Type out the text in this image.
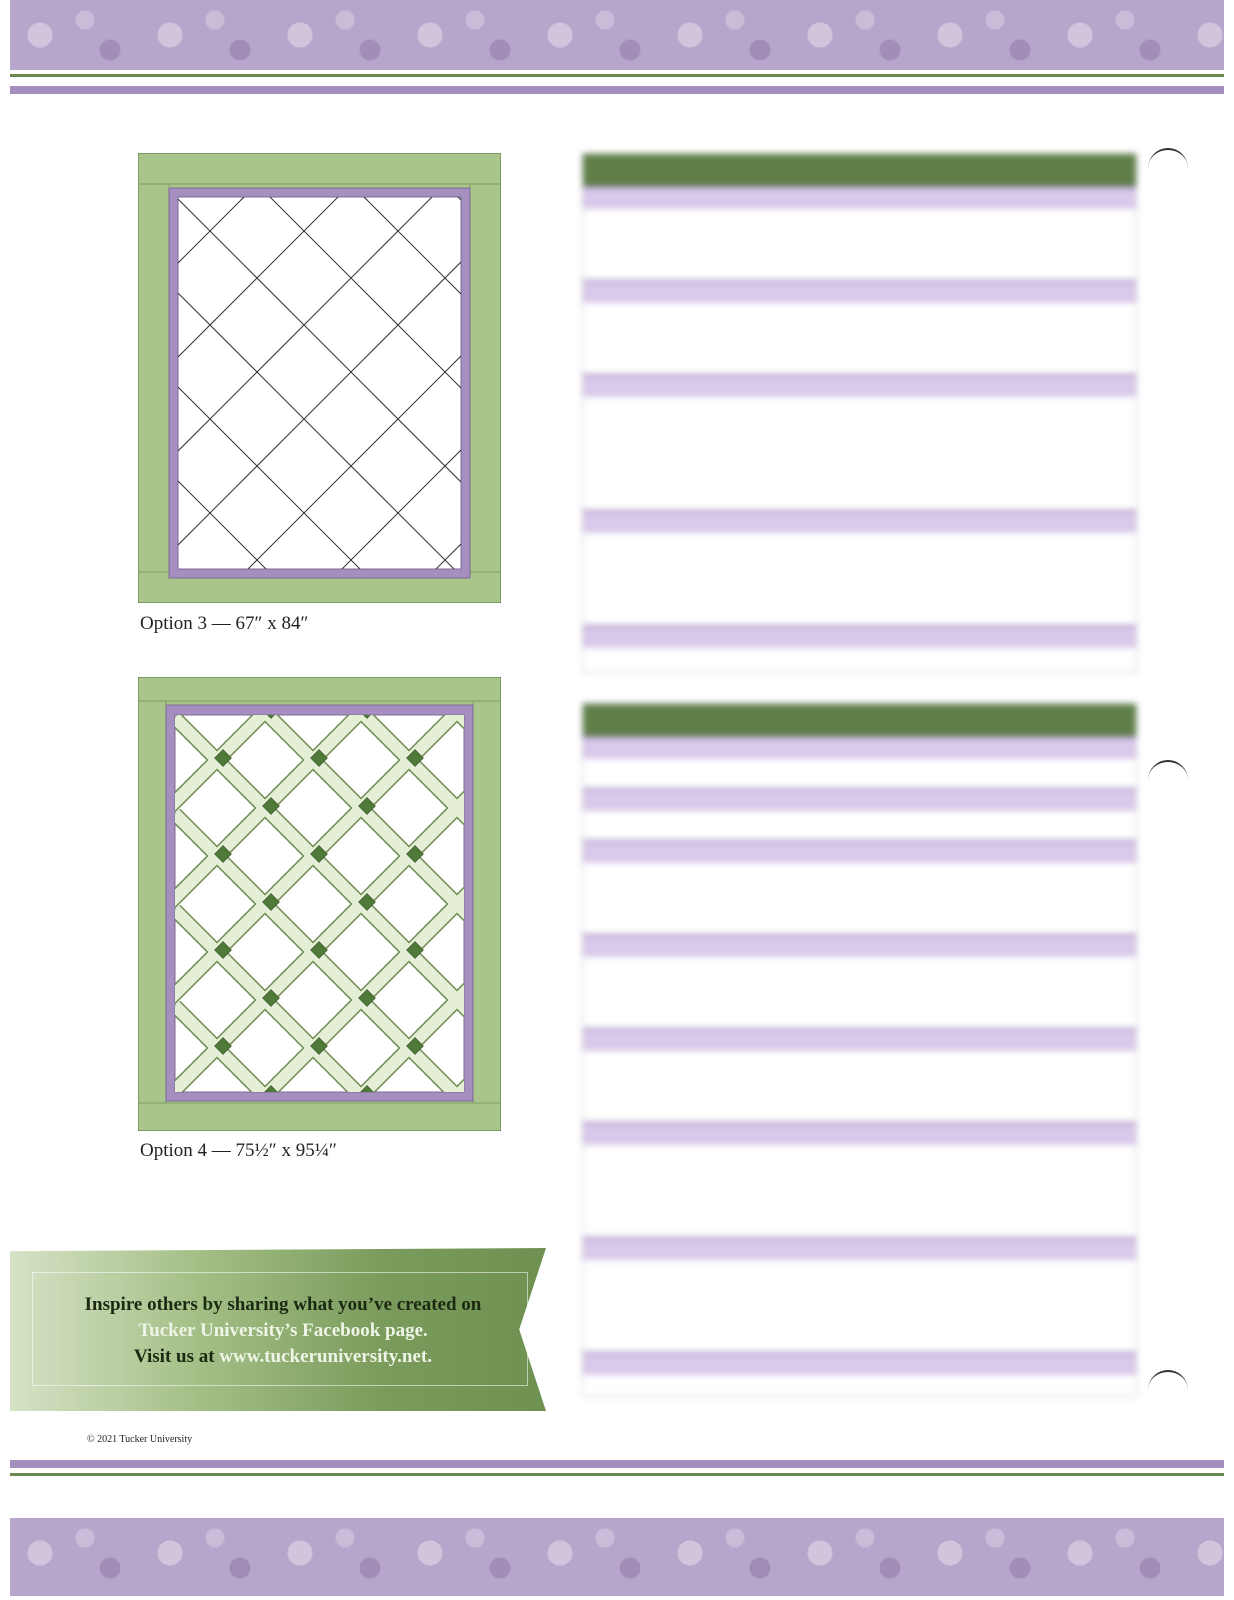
Option 3 — 67″ x 84″
Option 4 — 75½″ x 95¼″
Inspire others by sharing what you’ve created on
Tucker University’s Facebook page.
Visit us at www.tuckeruniversity.net.
© 2021 Tucker University
